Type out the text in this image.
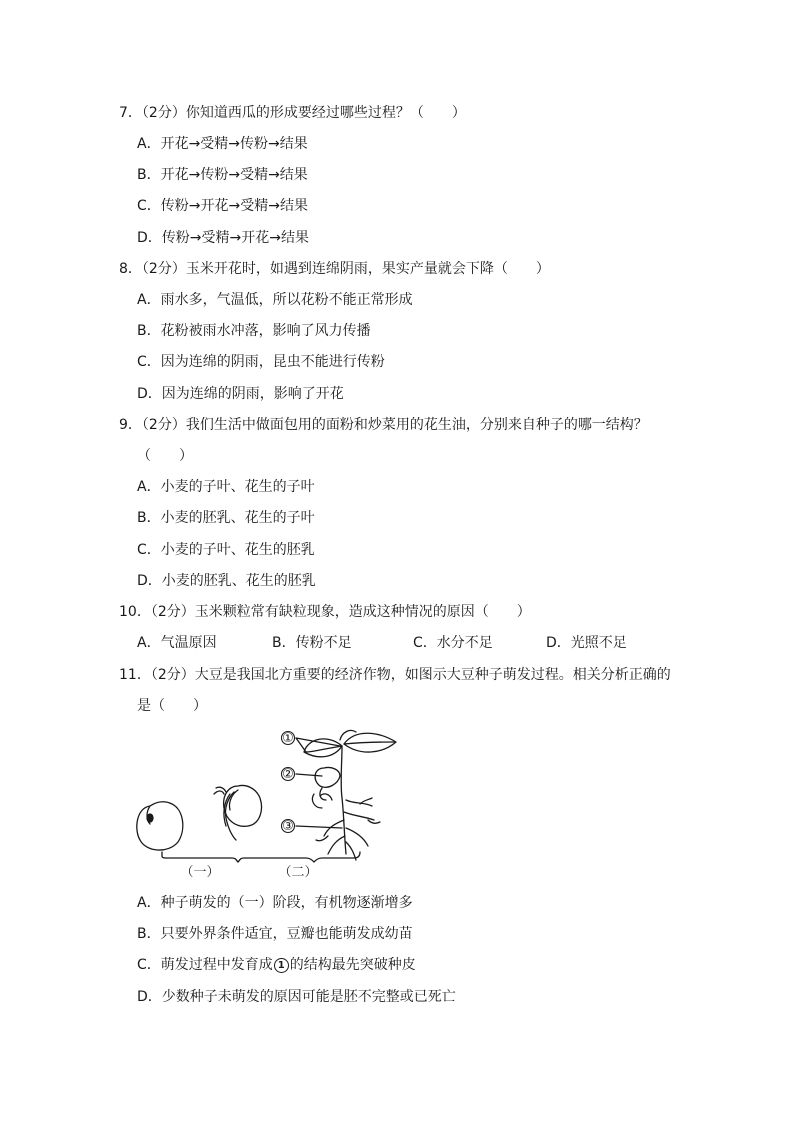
7．（2分）你知道西瓜的形成要经过哪些过程？（　　）
A．开花→受精→传粉→结果
B．开花→传粉→受精→结果
C．传粉→开花→受精→结果
D．传粉→受精→开花→结果
8．（2分）玉米开花时，如遇到连绵阴雨，果实产量就会下降（　　）
A．雨水多，气温低，所以花粉不能正常形成
B．花粉被雨水冲落，影响了风力传播
C．因为连绵的阴雨，昆虫不能进行传粉
D．因为连绵的阴雨，影响了开花
9．（2分）我们生活中做面包用的面粉和炒菜用的花生油，分别来自种子的哪一结构？
（　　）
A．小麦的子叶、花生的子叶
B．小麦的胚乳、花生的子叶
C．小麦的子叶、花生的胚乳
D．小麦的胚乳、花生的胚乳
10．（2分）玉米颗粒常有缺粒现象，造成这种情况的原因（　　）
A．气温原因	B．传粉不足	C．水分不足	D．光照不足
11．（2分）大豆是我国北方重要的经济作物，如图示大豆种子萌发过程。相关分析正确的
是（　　）
①
②
③
（一）	（二）
A．种子萌发的（一）阶段，有机物逐渐增多
B．只要外界条件适宜，豆瓣也能萌发成幼苗
C．萌发过程中发育成 1 的结构最先突破种皮
D．少数种子未萌发的原因可能是胚不完整或已死亡
